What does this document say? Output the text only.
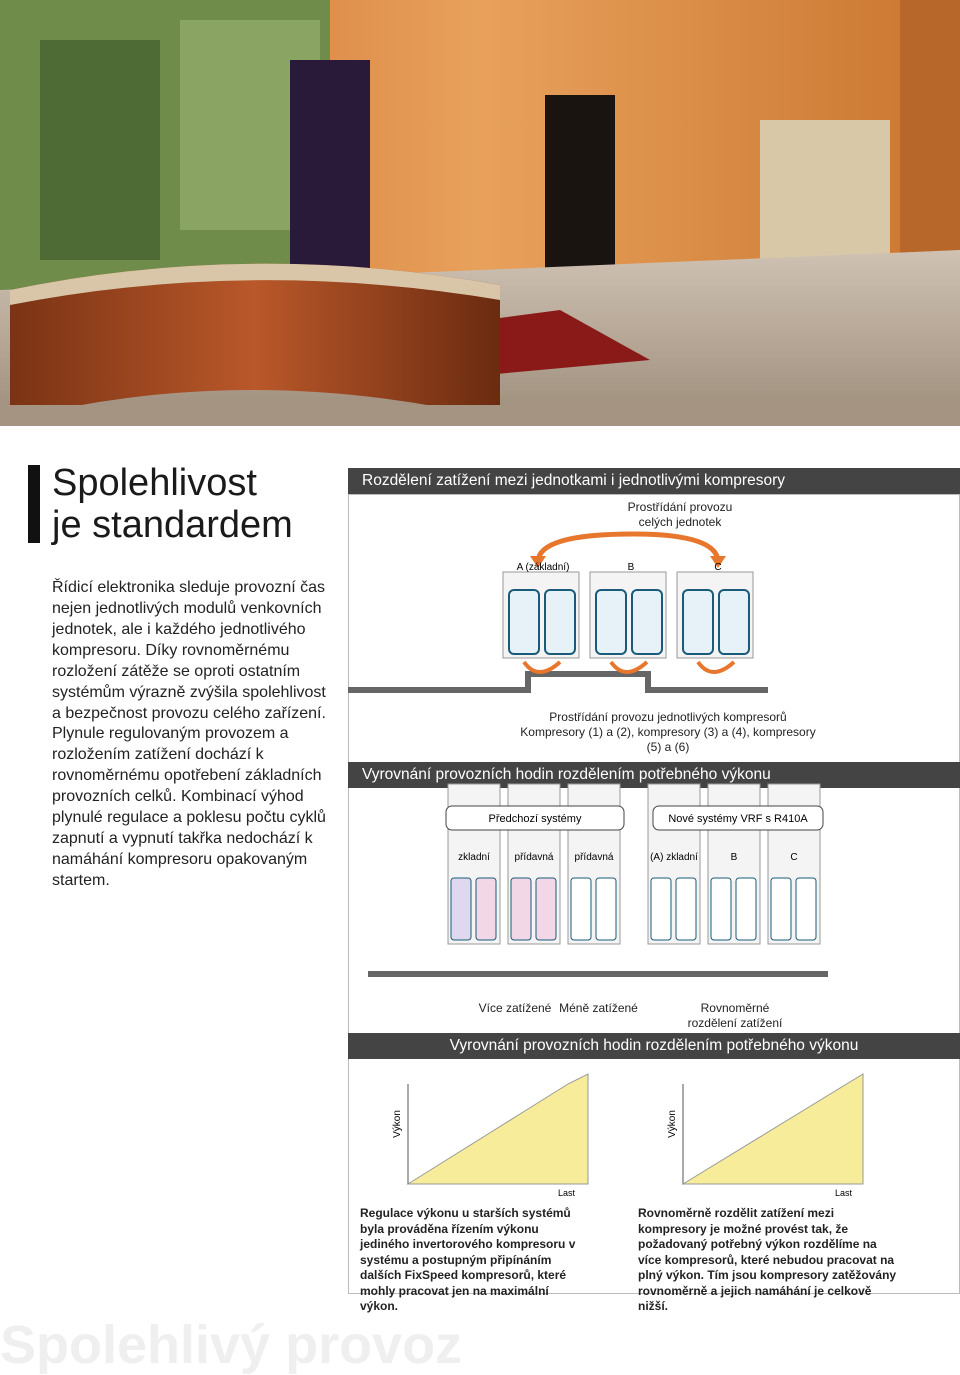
Spolehlivost
je standardem

Řídicí elektronika sleduje provozní čas nejen jednotlivých modulů venkovních jednotek, ale i každého jednotlivého kompresoru. Díky rovnoměrnému rozložení zátěže se oproti ostatním systémům výrazně zvýšila spolehlivost a bezpečnost provozu celého zařízení.

Plynule regulovaným provozem a rozložením zatížení dochází k rovnoměrnému opotřebení základních provozních celků. Kombinací výhod plynulé regulace a poklesu počtu cyklů zapnutí a vypnutí takřka nedochází k namáhání kompresoru opakovaným startem.

Rozdělení zatížení mezi jednotkami i jednotlivými kompresory
Vyrovnání provozních hodin rozdělením potřebného výkonu
Vyrovnání provozních hodin rozdělením potřebného výkonu
Prostřídání provozu celých jednotek
A (základní)	B	C
Předchozí systémy	Nové systémy VRF s R410A
zkladní přídavná přídavná	(A) zkladní	B	C
Výkon
Last
Výkon
Last
Prostřídání provozu jednotlivých kompresorů Kompresory (1) a (2), kompresory (3) a (4), kompresory (5) a (6)
Více zatížené Méně zatížené	Rovnoměrné rozdělení zatížení

Regulace výkonu u starších systémů byla prováděna řízením výkonu jediného invertorového kompresoru v systému a postupným připínáním dalších FixSpeed kompresorů, které mohly pracovat jen na maximální výkon.

Rovnoměrně rozdělit zatížení mezi kompresory je možné provést tak, že požadovaný potřebný výkon rozdělíme na více kompresorů, které nebudou pracovat na plný výkon. Tím jsou kompresory zatěžovány rovnoměrně a jejich namáhání je celkově nižší.

Spolehlivý provoz
